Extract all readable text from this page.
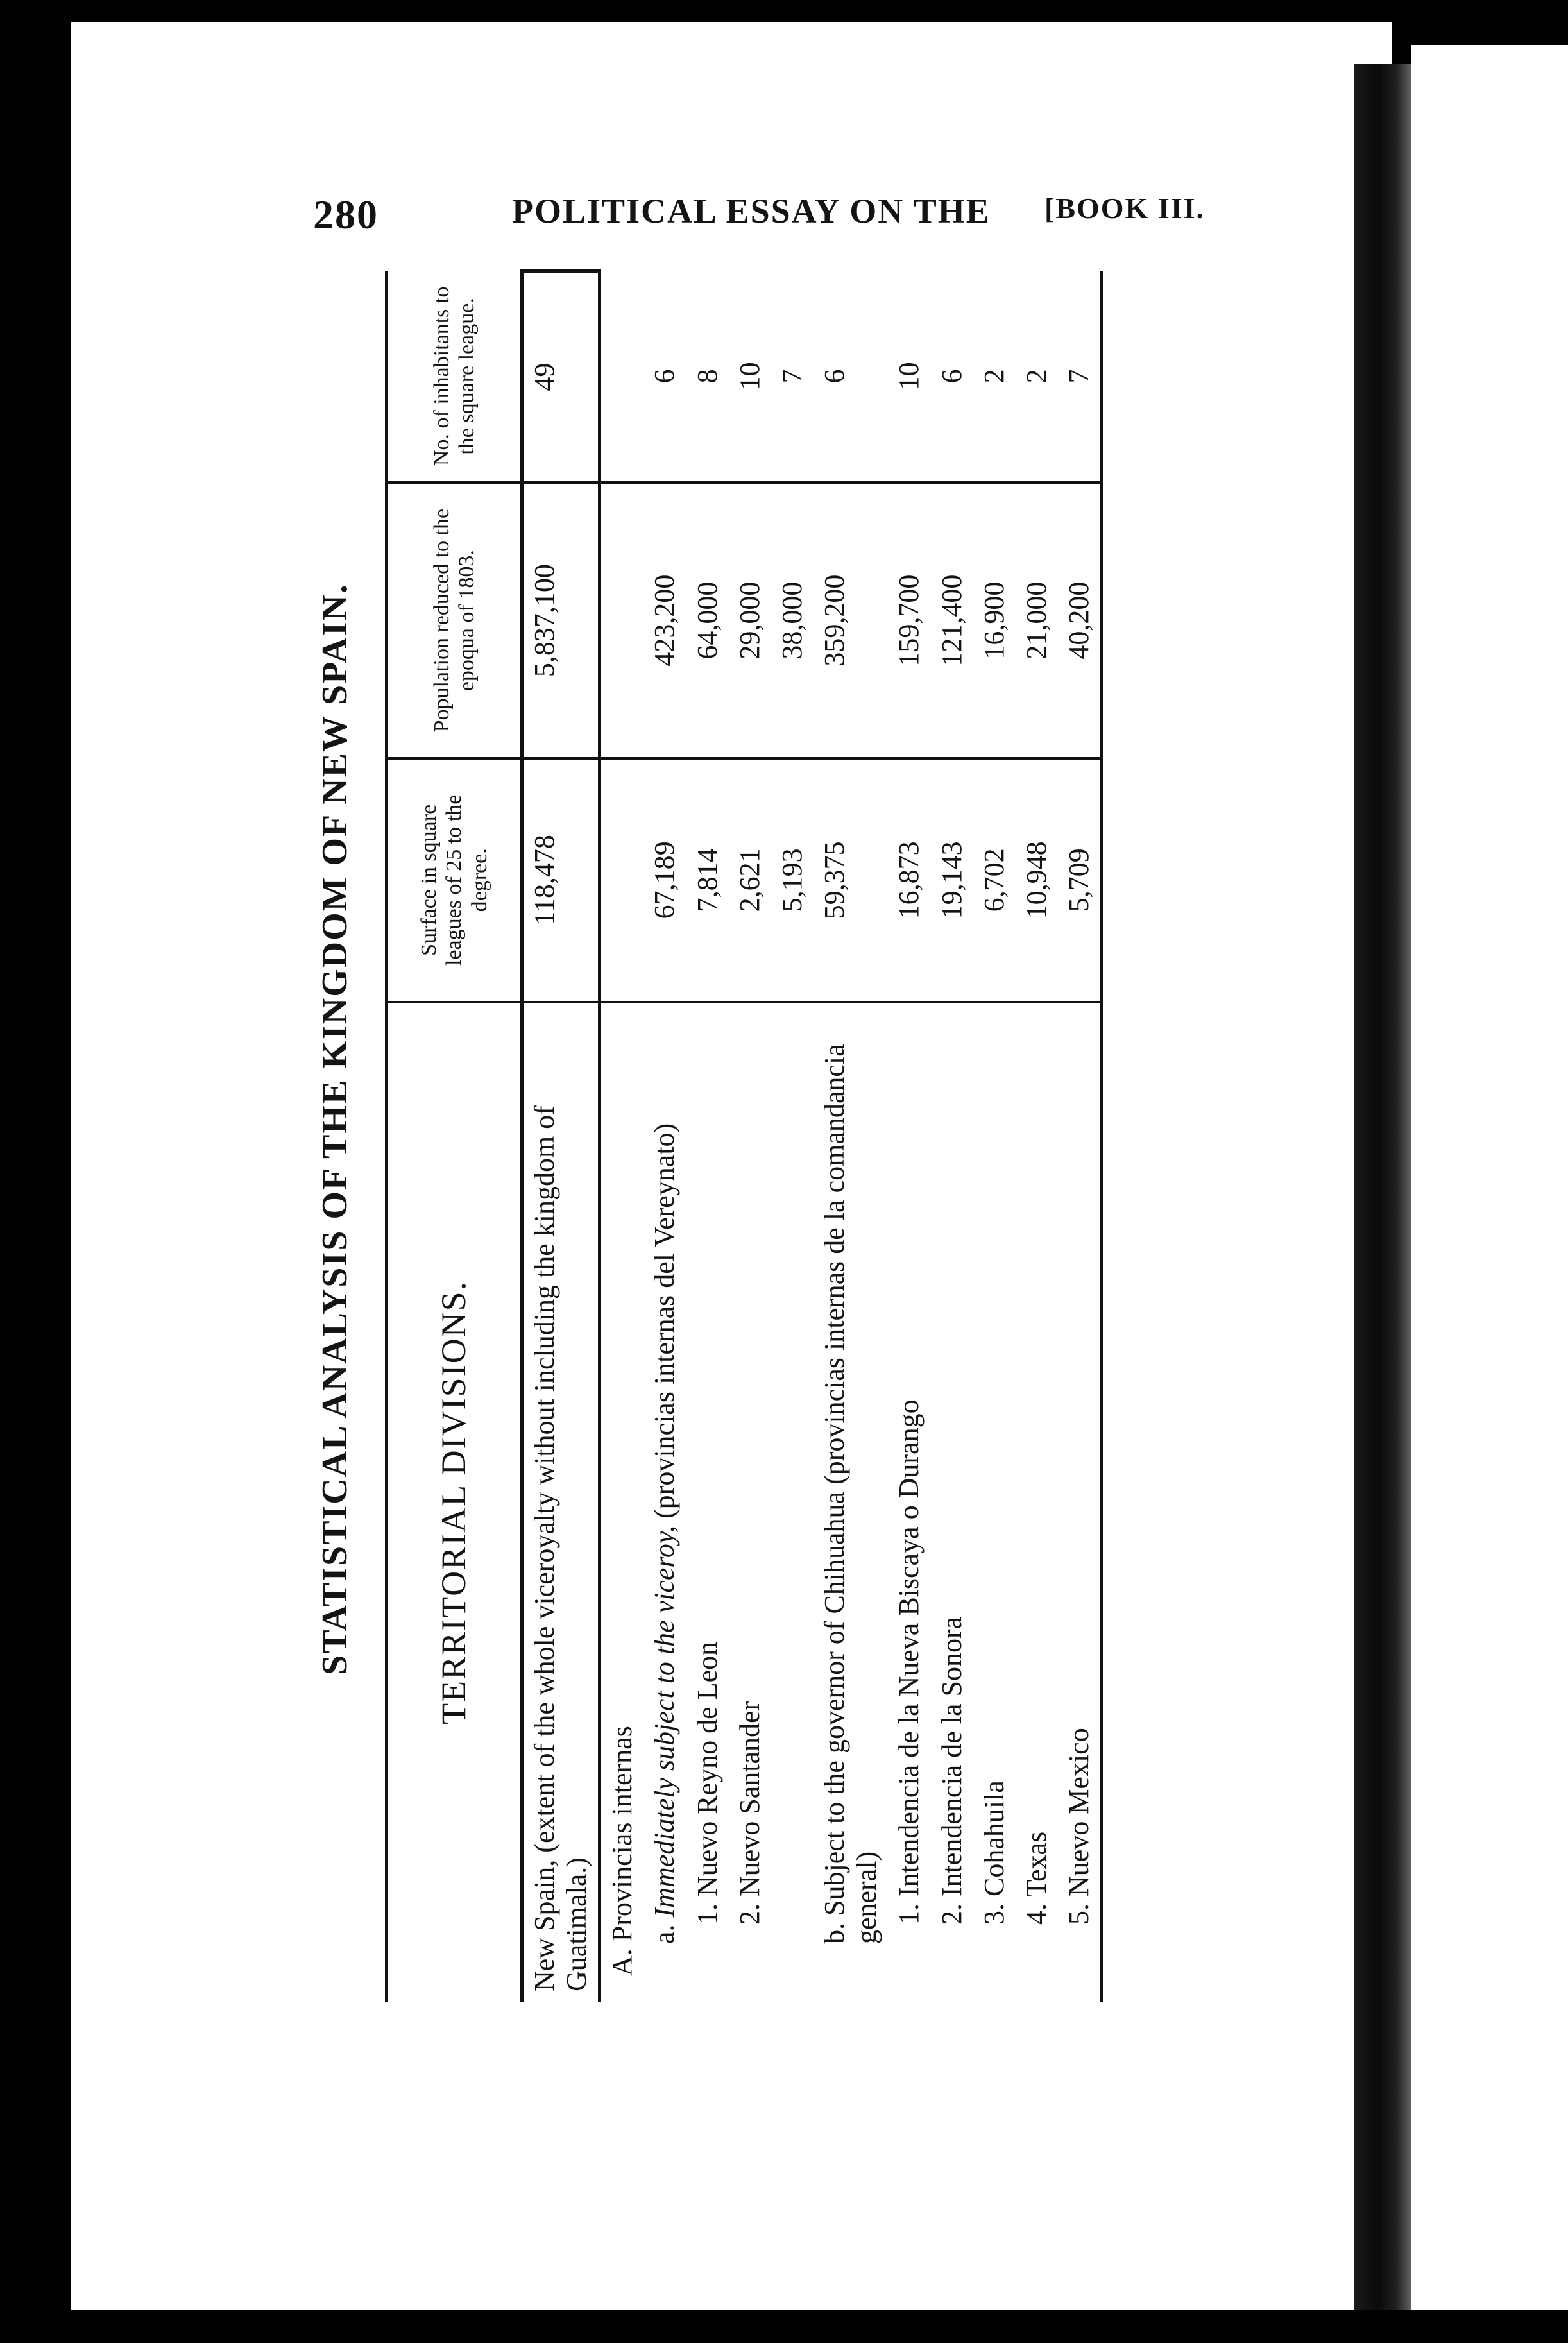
280	POLITICAL ESSAY ON THE [BOOK III.
STATISTICAL ANALYSIS OF THE KINGDOM OF NEW SPAIN. TERRITORIAL DIVISIONS.	Surface in square leagues of 25 to the degree.	Population reduced to the epoqua of 1803.	No. of inhabitants to the square league.
New Spain, (extent of the whole viceroyalty without including the kingdom of Guatimala.)	118,478	5,837,100	49
A. Provincias internas			
a. Immediately subject to the viceroy, (provincias internas del Vereynato)	67,189	423,200	6
1. Nuevo Reyno de Leon	7,814	64,000	8
2. Nuevo Santander	2,621	29,000	10
	5,193	38,000	7
b. Subject to the governor of Chihuahua (provincias internas de la comandancia general)	59,375	359,200	6
1. Intendencia de la Nueva Biscaya o Durango	16,873	159,700	10
2. Intendencia de la Sonora	19,143	121,400	6
3. Cohahuila	6,702	16,900	2
4. Texas	10,948	21,000	2
5. Nuevo Mexico	5,709	40,200	7
